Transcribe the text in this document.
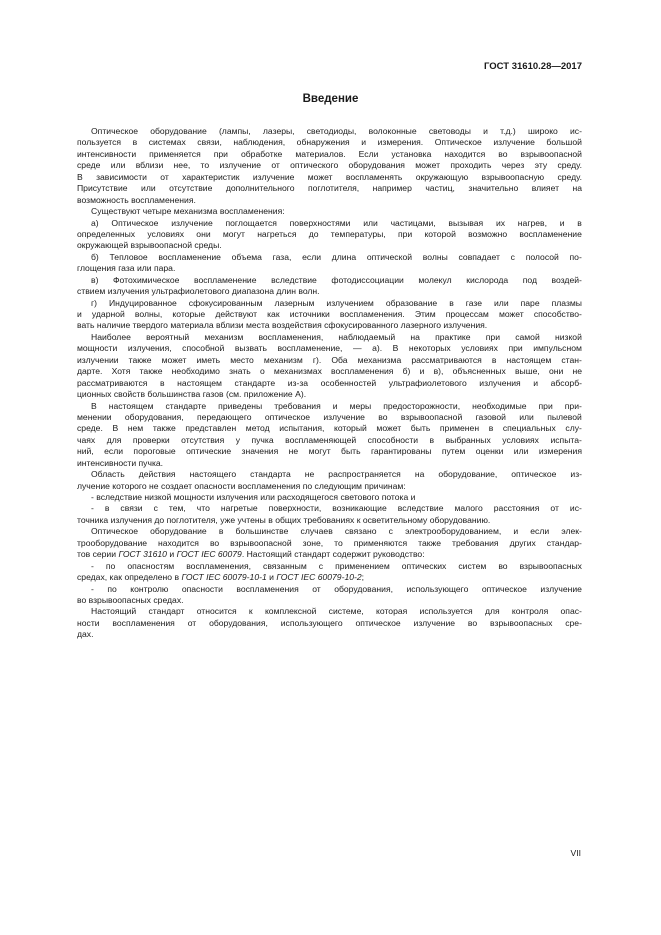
ГОСТ 31610.28—2017
Введение
Оптическое оборудование (лампы, лазеры, светодиоды, волоконные световоды и т.д.) широко ис-
пользуется в системах связи, наблюдения, обнаружения и измерения. Оптическое излучение большой
интенсивности применяется при обработке материалов. Если установка находится во взрывоопасной
среде или вблизи нее, то излучение от оптического оборудования может проходить через эту среду.
В зависимости от характеристик излучение может воспламенять окружающую взрывоопасную среду.
Присутствие или отсутствие дополнительного поглотителя, например частиц, значительно влияет на
возможность воспламенения.
Существуют четыре механизма воспламенения:
а) Оптическое излучение поглощается поверхностями или частицами, вызывая их нагрев, и в
определенных условиях они могут нагреться до температуры, при которой возможно воспламенение
окружающей взрывоопасной среды.
б) Тепловое воспламенение объема газа, если длина оптической волны совпадает с полосой по-
глощения газа или пара.
в) Фотохимическое воспламенение вследствие фотодиссоциации молекул кислорода под воздей-
ствием излучения ультрафиолетового диапазона длин волн.
г) Индуцированное сфокусированным лазерным излучением образование в газе или паре плазмы
и ударной волны, которые действуют как источники воспламенения. Этим процессам может способство-
вать наличие твердого материала вблизи места воздействия сфокусированного лазерного излучения.
Наиболее вероятный механизм воспламенения, наблюдаемый на практике при самой низкой
мощности излучения, способной вызвать воспламенение, — а). В некоторых условиях при импульсном
излучении также может иметь место механизм г). Оба механизма рассматриваются в настоящем стан-
дарте. Хотя также необходимо знать о механизмах воспламенения б) и в), объясненных выше, они не
рассматриваются в настоящем стандарте из-за особенностей ультрафиолетового излучения и абсорб-
ционных свойств большинства газов (см. приложение А).
В настоящем стандарте приведены требования и меры предосторожности, необходимые при при-
менении оборудования, передающего оптическое излучение во взрывоопасной газовой или пылевой
среде. В нем также представлен метод испытания, который может быть применен в специальных слу-
чаях для проверки отсутствия у пучка воспламеняющей способности в выбранных условиях испыта-
ний, если пороговые оптические значения не могут быть гарантированы путем оценки или измерения
интенсивности пучка.
Область действия настоящего стандарта не распространяется на оборудование, оптическое из-
лучение которого не создает опасности воспламенения по следующим причинам:
- вследствие низкой мощности излучения или расходящегося светового потока и
- в связи с тем, что нагретые поверхности, возникающие вследствие малого расстояния от ис-
точника излучения до поглотителя, уже учтены в общих требованиях к осветительному оборудованию.
Оптическое оборудование в большинстве случаев связано с электрооборудованием, и если элек-
трооборудование находится во взрывоопасной зоне, то применяются также требования других стандар-
тов серии ГОСТ 31610 и ГОСТ IEC 60079. Настоящий стандарт содержит руководство:
- по опасностям воспламенения, связанным с применением оптических систем во взрывоопасных
средах, как определено в ГОСТ IEC 60079-10-1 и ГОСТ IEC 60079-10-2;
- по контролю опасности воспламенения от оборудования, использующего оптическое излучение
во взрывоопасных средах.
Настоящий стандарт относится к комплексной системе, которая используется для контроля опас-
ности воспламенения от оборудования, использующего оптическое излучение во взрывоопасных сре-
дах.
VII
